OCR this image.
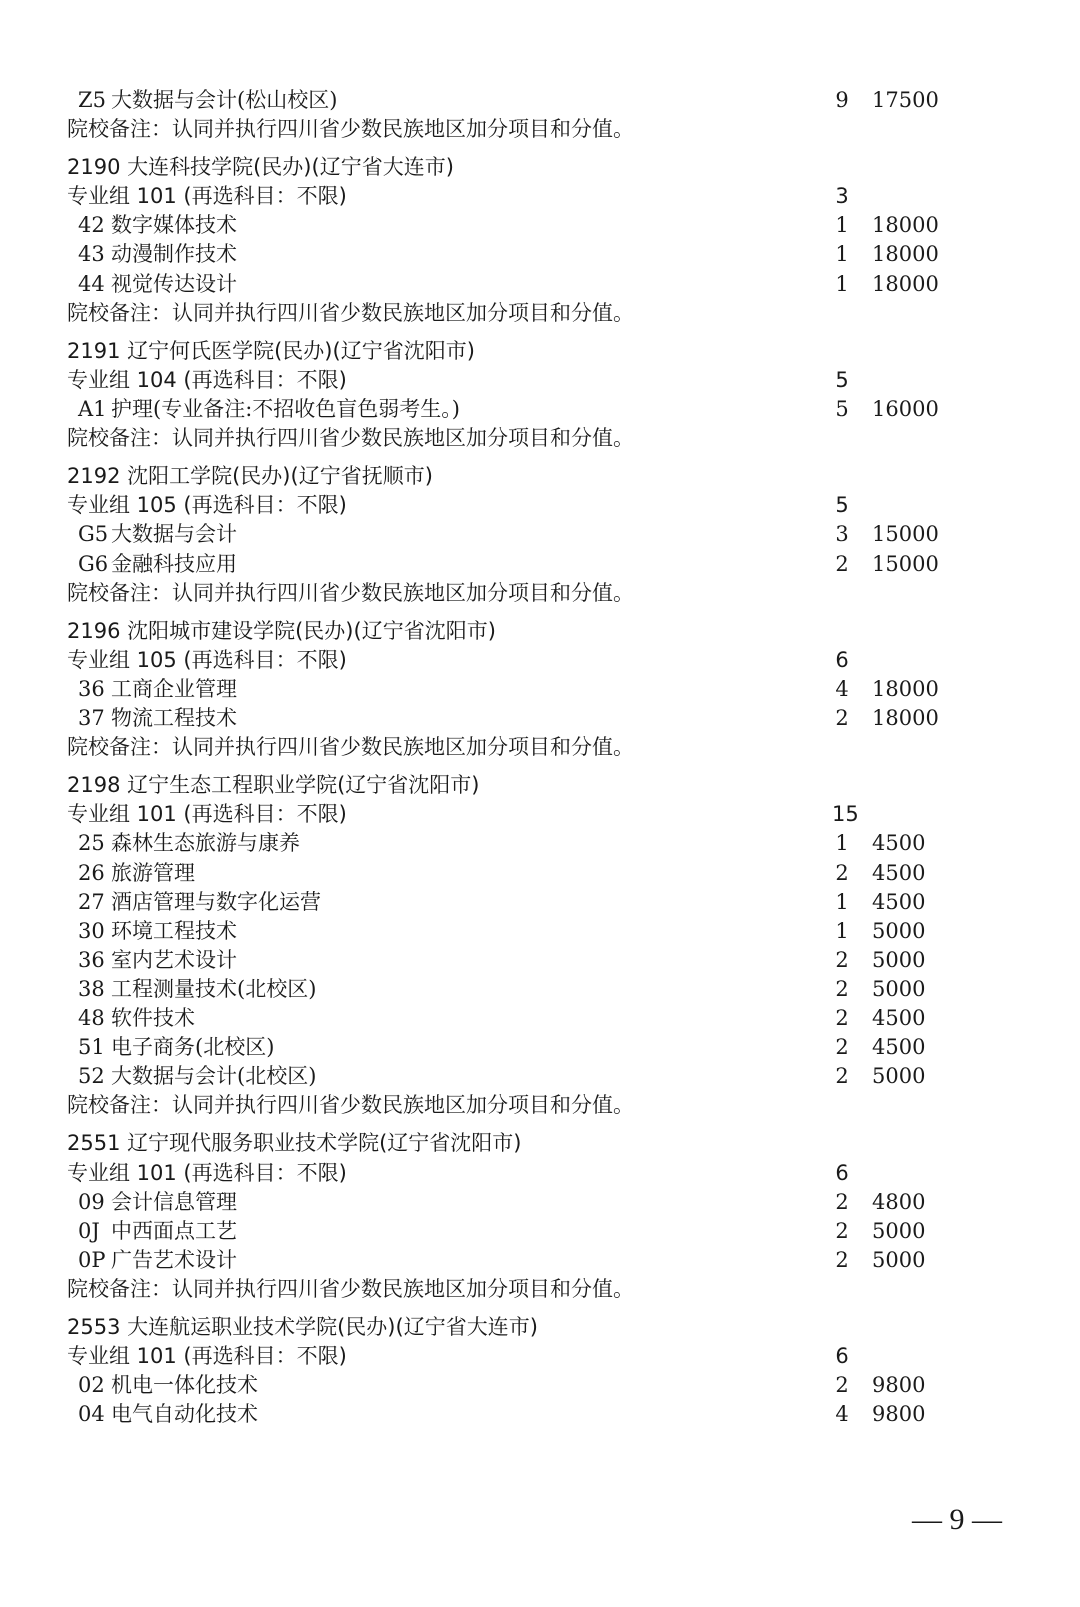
Z5 大数据与会计(松山校区)	9 17500
院校备注：认同并执行四川省少数民族地区加分项目和分值。
2190 大连科技学院(民办)(辽宁省大连市)
专业组 101 (再选科目：不限)	3
42 数字媒体技术	1 18000
43 动漫制作技术	1 18000
44 视觉传达设计	1 18000
院校备注：认同并执行四川省少数民族地区加分项目和分值。
2191 辽宁何氏医学院(民办)(辽宁省沈阳市)
专业组 104 (再选科目：不限)	5
A1 护理(专业备注:不招收色盲色弱考生。)	5 16000
院校备注：认同并执行四川省少数民族地区加分项目和分值。
2192 沈阳工学院(民办)(辽宁省抚顺市)
专业组 105 (再选科目：不限)	5
G5 大数据与会计	3 15000
G6 金融科技应用	2 15000
院校备注：认同并执行四川省少数民族地区加分项目和分值。
2196 沈阳城市建设学院(民办)(辽宁省沈阳市)
专业组 105 (再选科目：不限)	6
36 工商企业管理	4 18000
37 物流工程技术	2 18000
院校备注：认同并执行四川省少数民族地区加分项目和分值。
2198 辽宁生态工程职业学院(辽宁省沈阳市)
专业组 101 (再选科目：不限)	15
25 森林生态旅游与康养	1 4500
26 旅游管理	2 4500
27 酒店管理与数字化运营	1 4500
30 环境工程技术	1 5000
36 室内艺术设计	2 5000
38 工程测量技术(北校区)	2 5000
48 软件技术	2 4500
51 电子商务(北校区)	2 4500
52 大数据与会计(北校区)	2 5000
院校备注：认同并执行四川省少数民族地区加分项目和分值。
2551 辽宁现代服务职业技术学院(辽宁省沈阳市)
专业组 101 (再选科目：不限)	6
09 会计信息管理	2 4800
0J 中西面点工艺	2 5000
0P 广告艺术设计	2 5000
院校备注：认同并执行四川省少数民族地区加分项目和分值。
2553 大连航运职业技术学院(民办)(辽宁省大连市)
专业组 101 (再选科目：不限)	6
02 机电一体化技术	2 9800
04 电气自动化技术	4 9800
— 9 —
